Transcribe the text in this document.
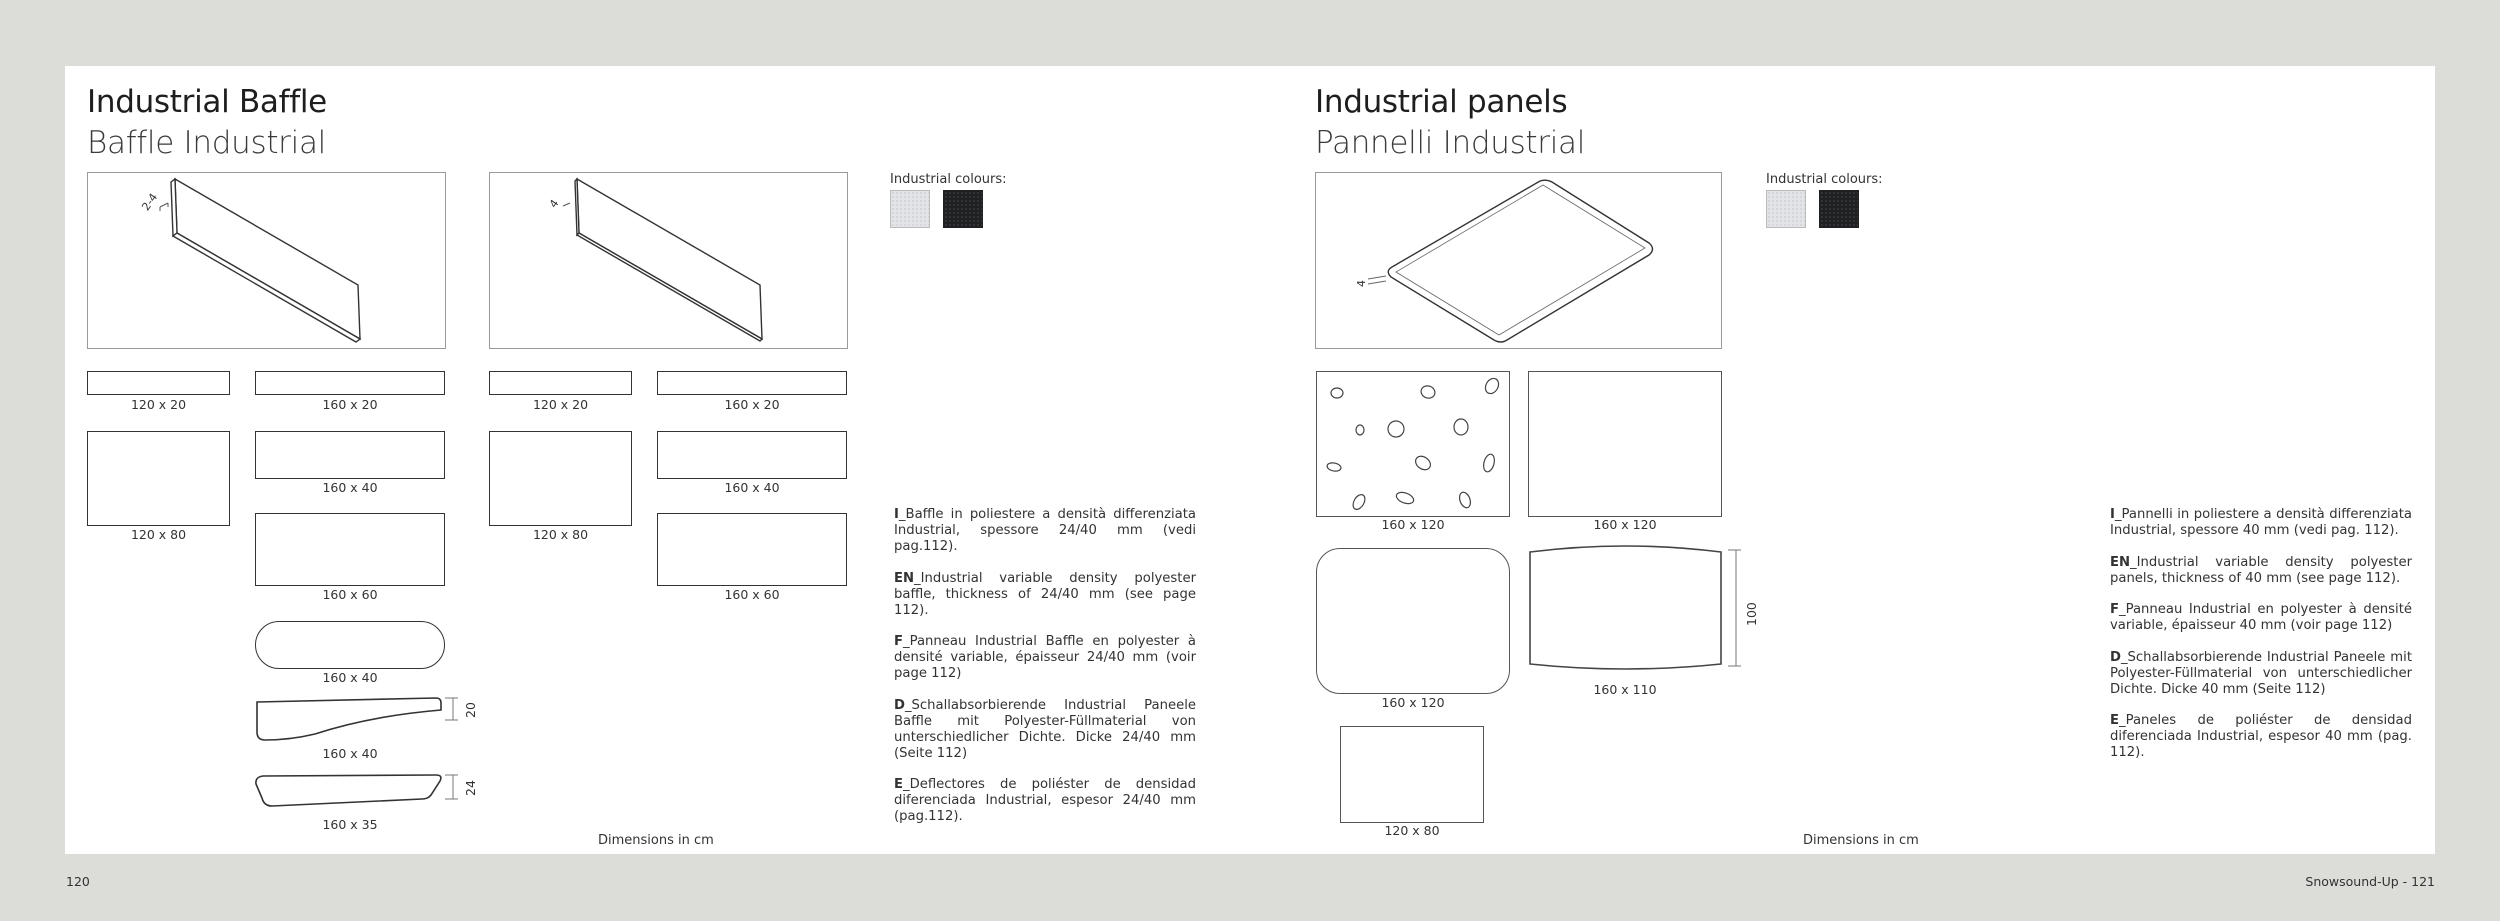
Industrial Baffle
Baffle Industrial
2-4	4
Industrial colours:
120 x 20
120 x 80
160 x 20
160 x 40
160 x 60
160 x 40
20
24
160 x 40
160 x 35
120 x 20
120 x 80
160 x 20
160 x 40
160 x 60

I_Baffle in poliestere a densità differenziata Industrial, spessore 24/40 mm (vedi pag.112).

EN_Industrial variable density polyester baffle, thickness of 24/40 mm (see page 112).

F_Panneau Industrial Baffle en polyester à densité variable, épaisseur 24/40 mm (voir page 112)

D_Schallabsorbierende Industrial Paneele Baffle mit Polyester-Füllmaterial von unterschiedlicher Dichte. Dicke 24/40 mm (Seite 112)

E_Deflectores de poliéster de densidad diferenciada Industrial, espesor 24/40 mm (pag.112).

Dimensions in cm
Industrial panels
Pannelli Industrial
4
Industrial colours:
160 x 120	160 x 120
160 x 120
100
160 x 110
120 x 80

I_Pannelli in poliestere a densità differenziata Industrial, spessore 40 mm (vedi pag. 112).

EN_Industrial variable density polyester panels, thickness of 40 mm (see page 112).

F_Panneau Industrial en polyester à densité variable, épaisseur 40 mm (voir page 112)

D_Schallabsorbierende Industrial Paneele mit Polyester-Füllmaterial von unterschiedlicher Dichte. Dicke 40 mm (Seite 112)

E_Paneles de poliéster de densidad diferenciada Industrial, espesor 40 mm (pag. 112).

Dimensions in cm
120	Snowsound-Up - 121
